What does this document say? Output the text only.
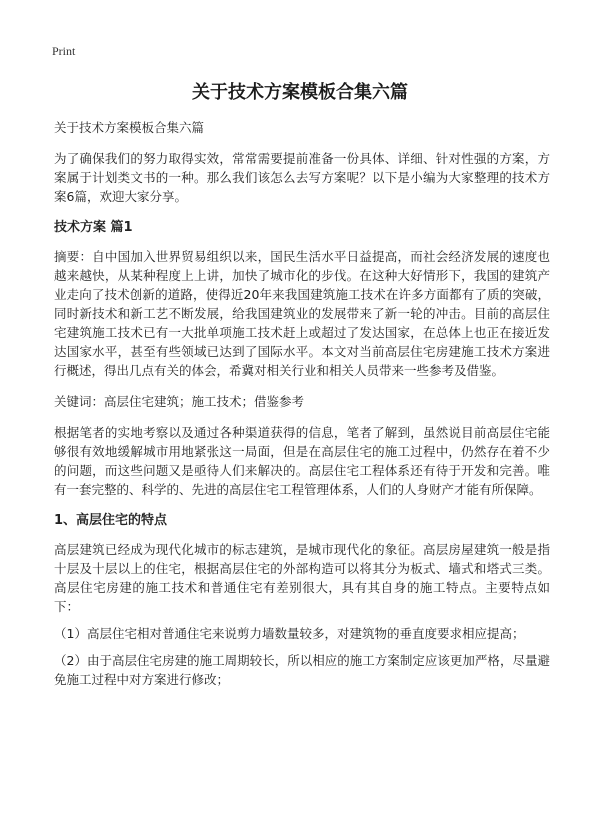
Print
关于技术方案模板合集六篇

关于技术方案模板合集六篇

为了确保我们的努力取得实效，常常需要提前准备一份具体、详细、针对性强的方案，方案属于计划类文书的一种。那么我们该怎么去写方案呢？以下是小编为大家整理的技术方案6篇，欢迎大家分享。

技术方案 篇1

摘要：自中国加入世界贸易组织以来，国民生活水平日益提高，而社会经济发展的速度也越来越快，从某种程度上上讲，加快了城市化的步伐。在这种大好情形下，我国的建筑产业走向了技术创新的道路，使得近20年来我国建筑施工技术在许多方面都有了质的突破，同时新技术和新工艺不断发展，给我国建筑业的发展带来了新一轮的冲击。目前的高层住宅建筑施工技术已有一大批单项施工技术赶上或超过了发达国家，在总体上也正在接近发达国家水平，甚至有些领域已达到了国际水平。本文对当前高层住宅房建施工技术方案进行概述，得出几点有关的体会，希冀对相关行业和相关人员带来一些参考及借鉴。

关键词：高层住宅建筑；施工技术；借鉴参考

根据笔者的实地考察以及通过各种渠道获得的信息，笔者了解到，虽然说目前高层住宅能够很有效地缓解城市用地紧张这一局面，但是在高层住宅的施工过程中，仍然存在着不少的问题，而这些问题又是亟待人们来解决的。高层住宅工程体系还有待于开发和完善。唯有一套完整的、科学的、先进的高层住宅工程管理体系，人们的人身财产才能有所保障。

1、高层住宅的特点

高层建筑已经成为现代化城市的标志建筑，是城市现代化的象征。高层房屋建筑一般是指十层及十层以上的住宅，根据高层住宅的外部构造可以将其分为板式、墙式和塔式三类。高层住宅房建的施工技术和普通住宅有差别很大，具有其自身的施工特点。主要特点如下：

（1）高层住宅相对普通住宅来说剪力墙数量较多，对建筑物的垂直度要求相应提高；

（2）由于高层住宅房建的施工周期较长，所以相应的施工方案制定应该更加严格，尽量避免施工过程中对方案进行修改；
